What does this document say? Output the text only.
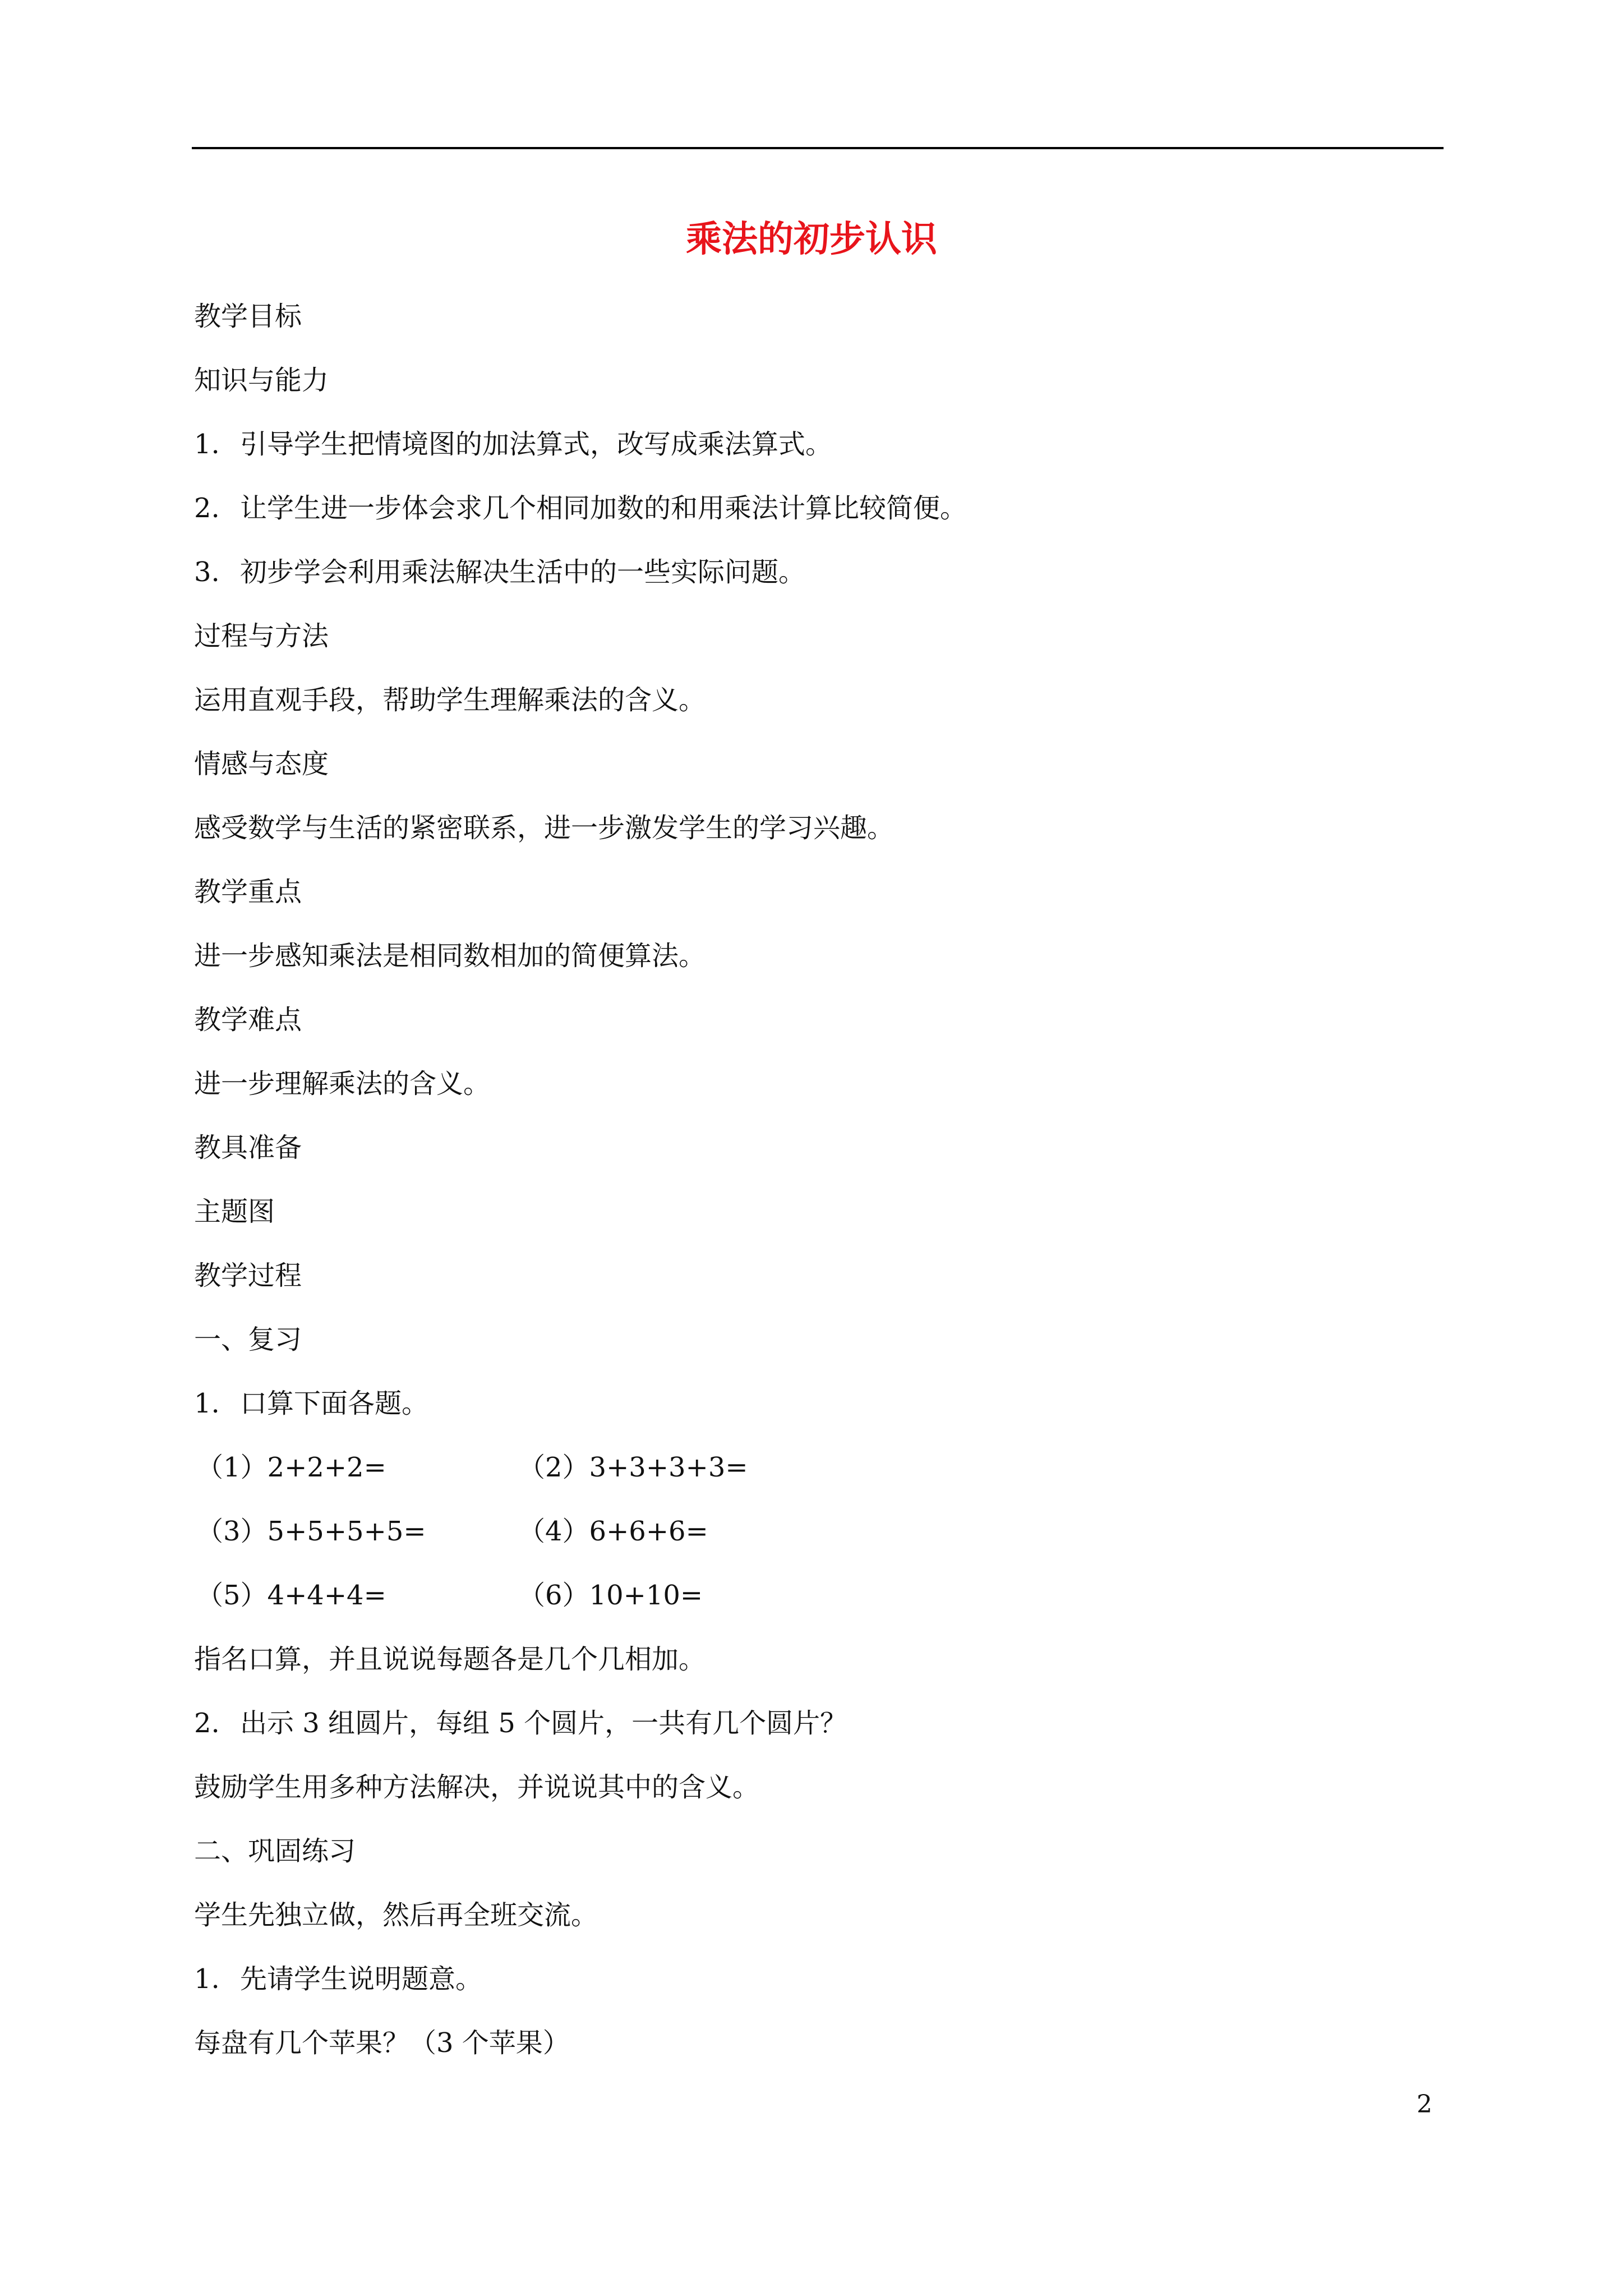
乘法的初步认识
教学目标
知识与能力
1. 引导学生把情境图的加法算式，改写成乘法算式。
2. 让学生进一步体会求几个相同加数的和用乘法计算比较简便。
3. 初步学会利用乘法解决生活中的一些实际问题。
过程与方法
运用直观手段，帮助学生理解乘法的含义。
情感与态度
感受数学与生活的紧密联系，进一步激发学生的学习兴趣。
教学重点
进一步感知乘法是相同数相加的简便算法。
教学难点
进一步理解乘法的含义。
教具准备
主题图
教学过程
一、复习
1. 口算下面各题。
（1）2+2+2=	（2）3+3+3+3=
（3）5+5+5+5=	（4）6+6+6=
（5）4+4+4=	（6）10+10=
指名口算，并且说说每题各是几个几相加。
2. 出示 3 组圆片，每组 5 个圆片，一共有几个圆片？
鼓励学生用多种方法解决，并说说其中的含义。
二、巩固练习
学生先独立做，然后再全班交流。
1. 先请学生说明题意。
每盘有几个苹果？（3 个苹果）
2
